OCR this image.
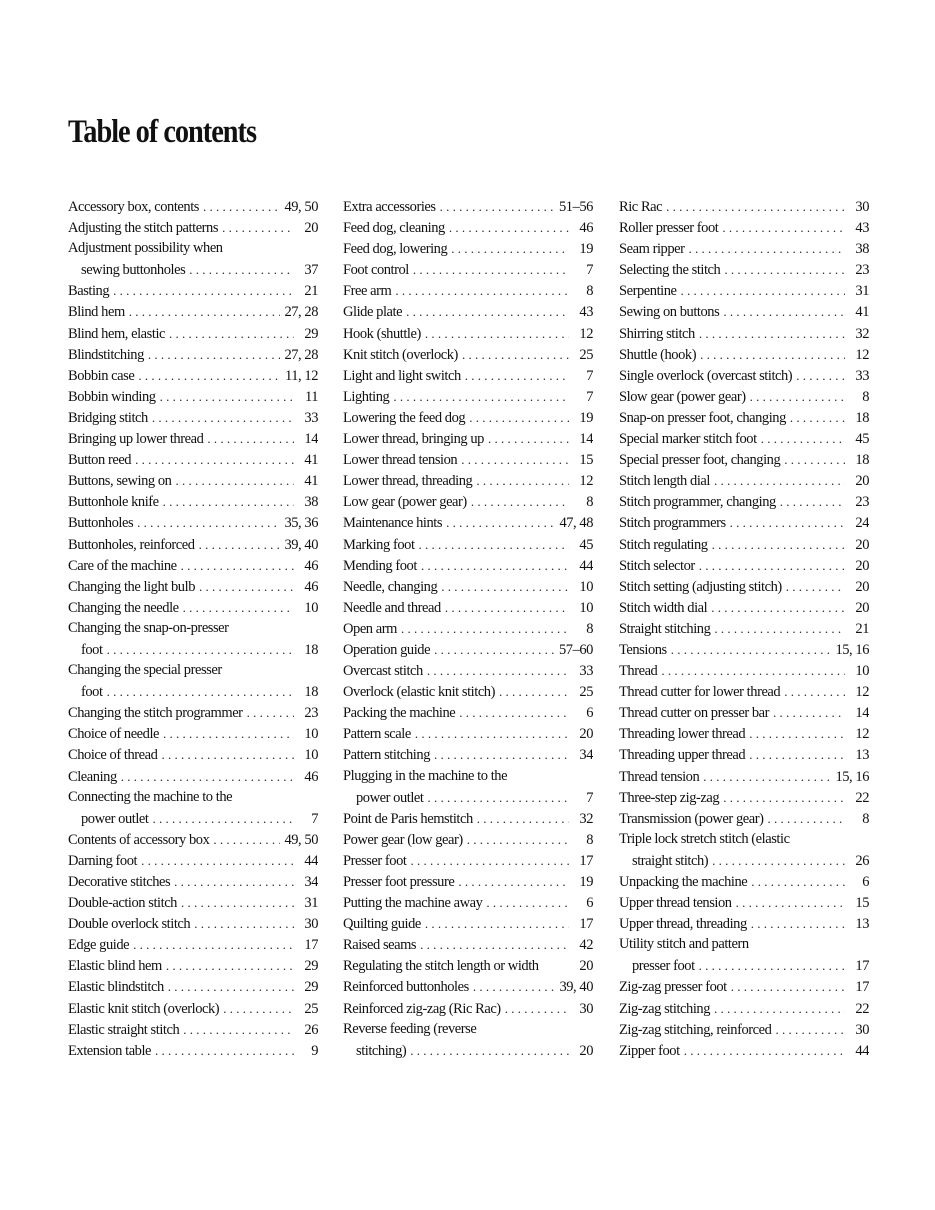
Table of contents
Accessory box, contents . . .	49, 50
Adjusting the stitch patterns . . .	20
Adjustment possibility when
sewing buttonholes . . .	37
Basting . . .	21
Blind hem . . .	27, 28
Blind hem, elastic . . .	29
Blindstitching . . .	27, 28
Bobbin case . . .	11, 12
Bobbin winding . . .	11
Bridging stitch . . .	33
Bringing up lower thread . . .	14
Button reed . . .	41
Buttons, sewing on . . .	41
Buttonhole knife . . .	38
Buttonholes . . .	35, 36
Buttonholes, reinforced . . .	39, 40
Care of the machine . . .	46
Changing the light bulb . . .	46
Changing the needle . . .	10
Changing the snap-on-presser
foot . . .	18
Changing the special presser
foot . . .	18
Changing the stitch programmer . . .	23
Choice of needle . . .	10
Choice of thread . . .	10
Cleaning . . .	46
Connecting the machine to the
power outlet . . .	7
Contents of accessory box . . .	49, 50
Darning foot . . .	44
Decorative stitches . . .	34
Double-action stitch . . .	31
Double overlock stitch . . .	30
Edge guide . . .	17
Elastic blind hem . . .	29
Elastic blindstitch . . .	29
Elastic knit stitch (overlock) . . .	25
Elastic straight stitch . . .	26
Extension table . . .	9
Extra accessories . . .	51–56
Feed dog, cleaning . . .	46
Feed dog, lowering . . .	19
Foot control . . .	7
Free arm . . .	8
Glide plate . . .	43
Hook (shuttle) . . .	12
Knit stitch (overlock) . . .	25
Light and light switch . . .	7
Lighting . . .	7
Lowering the feed dog . . .	19
Lower thread, bringing up . . .	14
Lower thread tension . . .	15
Lower thread, threading . . .	12
Low gear (power gear) . . .	8
Maintenance hints . . .	47, 48
Marking foot . . .	45
Mending foot . . .	44
Needle, changing . . .	10
Needle and thread . . .	10
Open arm . . .	8
Operation guide . . .	57–60
Overcast stitch . . .	33
Overlock (elastic knit stitch) . . .	25
Packing the machine . . .	6
Pattern scale . . .	20
Pattern stitching . . .	34
Plugging in the machine to the
power outlet . . .	7
Point de Paris hemstitch . . .	32
Power gear (low gear) . . .	8
Presser foot . . .	17
Presser foot pressure . . .	19
Putting the machine away . . .	6
Quilting guide . . .	17
Raised seams . . .	42
Regulating the stitch length or width	20
Reinforced buttonholes . . .	39, 40
Reinforced zig-zag (Ric Rac) . . .	30
Reverse feeding (reverse
stitching) . . .	20
Ric Rac . . .	30
Roller presser foot . . .	43
Seam ripper . . .	38
Selecting the stitch . . .	23
Serpentine . . .	31
Sewing on buttons . . .	41
Shirring stitch . . .	32
Shuttle (hook) . . .	12
Single overlock (overcast stitch) . . .	33
Slow gear (power gear) . . .	8
Snap-on presser foot, changing . . .	18
Special marker stitch foot . . .	45
Special presser foot, changing . . .	18
Stitch length dial . . .	20
Stitch programmer, changing . . .	23
Stitch programmers . . .	24
Stitch regulating . . .	20
Stitch selector . . .	20
Stitch setting (adjusting stitch) . . .	20
Stitch width dial . . .	20
Straight stitching . . .	21
Tensions . . .	15, 16
Thread . . .	10
Thread cutter for lower thread . . .	12
Thread cutter on presser bar . . .	14
Threading lower thread . . .	12
Threading upper thread . . .	13
Thread tension . . .	15, 16
Three-step zig-zag . . .	22
Transmission (power gear) . . .	8
Triple lock stretch stitch (elastic
straight stitch) . . .	26
Unpacking the machine . . .	6
Upper thread tension . . .	15
Upper thread, threading . . .	13
Utility stitch and pattern
presser foot . . .	17
Zig-zag presser foot . . .	17
Zig-zag stitching . . .	22
Zig-zag stitching, reinforced . . .	30
Zipper foot . . .	44
